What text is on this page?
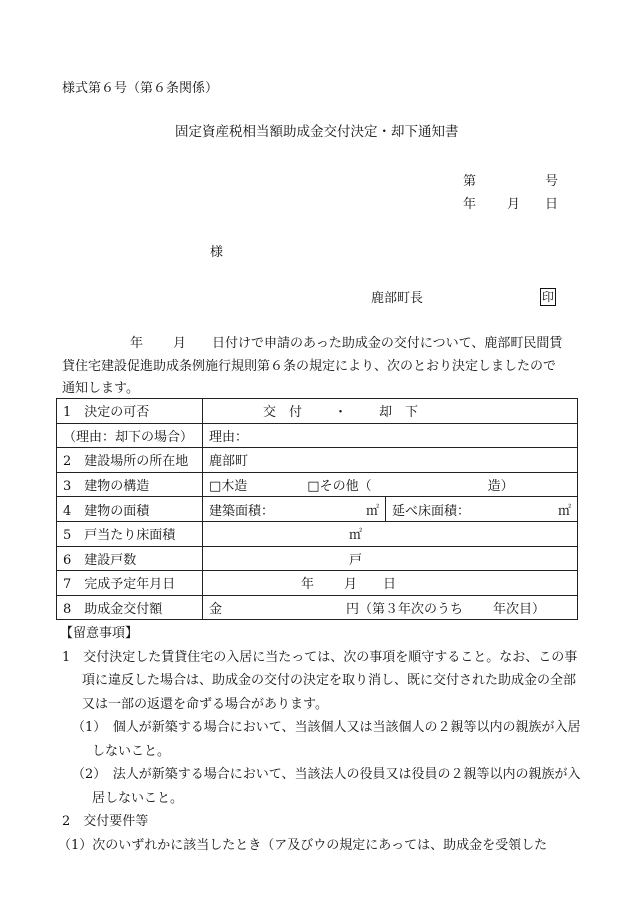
様式第６号（第６条関係）
固定資産税相当額助成金交付決定・却下通知書
第	号
年 月 日
様
鹿部町長	印
年 月 日付けで申請のあった助成金の交付について、鹿部町民間賃
貸住宅建設促進助成条例施行規則第６条の規定により、次のとおり決定しましたので
通知します。
1　決定の可否	交　付 ・ 却　下
（理由：却下の場合）	理由：
2　建設場所の所在地	鹿部町
3　建物の構造	□木造 □その他（ 造）
4　建物の面積	建築面積： ㎡ 延べ床面積： ㎡

5　戸当たり床面積	㎡
6　建設戸数	戸
7　完成予定年月日	年 月 日
8　助成金交付額	金 円（第３年次のうち 年次目）
【留意事項】
1　交付決定した賃貸住宅の入居に当たっては、次の事項を順守すること。なお、この事項に違反した場合は、助成金の交付の決定を取り消し、既に交付された助成金の全部又は一部の返還を命ずる場合があります。
（1）　個人が新築する場合において、当該個人又は当該個人の２親等以内の親族が入居しないこと。
（2）　法人が新築する場合において、当該法人の役員又は役員の２親等以内の親族が入居しないこと。
2　交付要件等
（1）次のいずれかに該当したとき（ア及びウの規定にあっては、助成金を受領した
